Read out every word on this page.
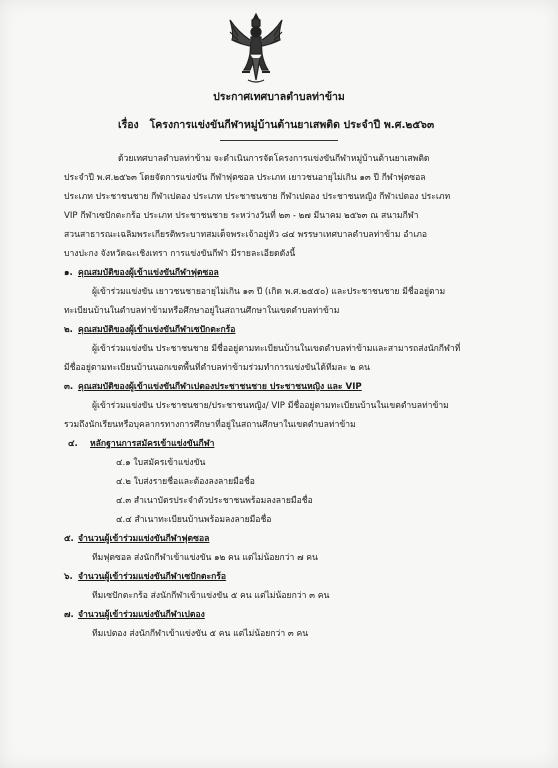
ประกาศเทศบาลตำบลท่าข้าม
เรื่อง โครงการแข่งขันกีฬาหมู่บ้านต้านยาเสพติด ประจำปี พ.ศ.๒๕๖๓

ด้วยเทศบาลตำบลท่าข้าม จะดำเนินการจัดโครงการแข่งขันกีฬาหมู่บ้านต้านยาเสพติด

ประจำปี พ.ศ.๒๕๖๓ โดยจัดการแข่งขัน กีฬาฟุตซอล ประเภท เยาวชนอายุไม่เกิน ๑๓ ปี กีฬาฟุตซอล

ประเภท ประชาชนชาย กีฬาเปตอง ประเภท ประชาชนชาย กีฬาเปตอง ประชาชนหญิง กีฬาเปตอง ประเภท

VIP กีฬาเซปักตะกร้อ ประเภท ประชาชนชาย ระหว่างวันที่ ๒๓ - ๒๗ มีนาคม ๒๕๖๓ ณ สนามกีฬา

สวนสาธารณะเฉลิมพระเกียรติพระบาทสมเด็จพระเจ้าอยู่หัว ๘๔ พรรษาเทศบาลตำบลท่าข้าม อำเภอ

บางปะกง จังหวัดฉะเชิงเทรา การแข่งขันกีฬา มีรายละเอียดดังนี้

๑. คุณสมบัติของผู้เข้าแข่งขันกีฬาฟุตซอล

ผู้เข้าร่วมแข่งขัน เยาวชนชายอายุไม่เกิน ๑๓ ปี (เกิด พ.ศ.๒๕๕๐) และประชาชนชาย มีชื่ออยู่ตาม

ทะเบียนบ้านในตำบลท่าข้ามหรือศึกษาอยู่ในสถานศึกษาในเขตตำบลท่าข้าม

๒. คุณสมบัติของผู้เข้าแข่งขันกีฬาเซปักตะกร้อ

ผู้เข้าร่วมแข่งขัน ประชาชนชาย มีชื่ออยู่ตามทะเบียนบ้านในเขตตำบลท่าข้ามและสามารถส่งนักกีฬาที่

มีชื่ออยู่ตามทะเบียนบ้านนอกเขตพื้นที่ตำบลท่าข้ามร่วมทำการแข่งขันได้ทีมละ ๒ คน

๓. คุณสมบัติของผู้เข้าแข่งขันกีฬาเปตองประชาชนชาย ประชาชนหญิง และ VIP

ผู้เข้าร่วมแข่งขัน ประชาชนชาย/ประชาชนหญิง/ VIP มีชื่ออยู่ตามทะเบียนบ้านในเขตตำบลท่าข้าม

รวมถึงนักเรียนหรือบุคลากรทางการศึกษาที่อยู่ในสถานศึกษาในเขตตำบลท่าข้าม

๔. หลักฐานการสมัครเข้าแข่งขันกีฬา
๔.๑ ใบสมัครเข้าแข่งขัน
๔.๒ ใบส่งรายชื่อและต้องลงลายมือชื่อ
๔.๓ สำเนาบัตรประจำตัวประชาชนพร้อมลงลายมือชื่อ
๔.๔ สำเนาทะเบียนบ้านพร้อมลงลายมือชื่อ
๕. จำนวนผู้เข้าร่วมแข่งขันกีฬาฟุตซอล

ทีมฟุตซอล ส่งนักกีฬาเข้าแข่งขัน ๑๒ คน แต่ไม่น้อยกว่า ๗ คน

๖. จำนวนผู้เข้าร่วมแข่งขันกีฬาเซปักตะกร้อ

ทีมเซปักตะกร้อ ส่งนักกีฬาเข้าแข่งขัน ๕ คน แต่ไม่น้อยกว่า ๓ คน

๗. จำนวนผู้เข้าร่วมแข่งขันกีฬาเปตอง

ทีมเปตอง ส่งนักกีฬาเข้าแข่งขัน ๕ คน แต่ไม่น้อยกว่า ๓ คน
